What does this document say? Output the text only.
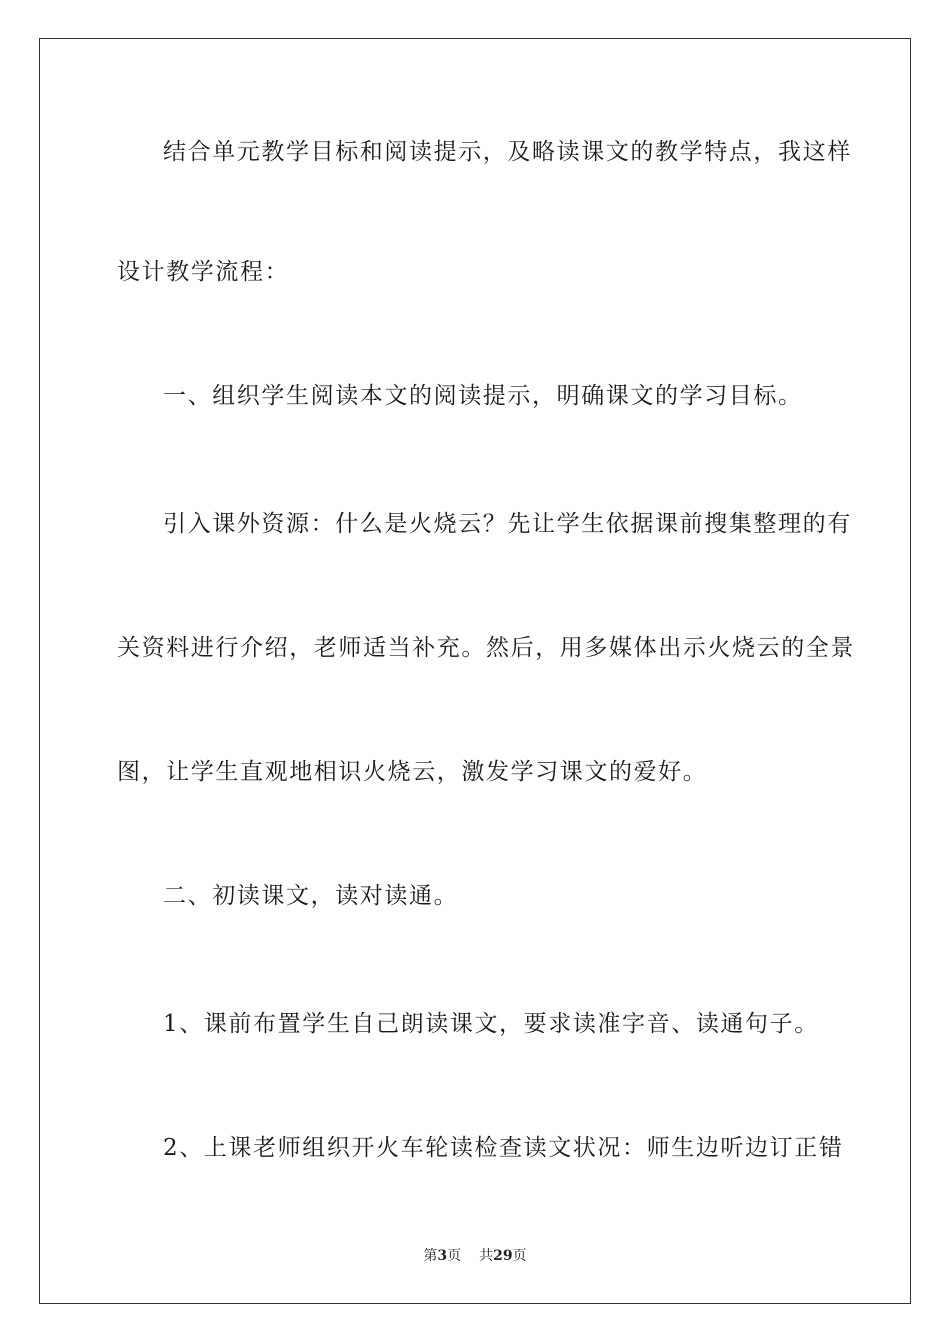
结合单元教学目标和阅读提示，及略读课文的教学特点，我这样
设计教学流程：
一、组织学生阅读本文的阅读提示，明确课文的学习目标。
引入课外资源：什么是火烧云？先让学生依据课前搜集整理的有
关资料进行介绍，老师适当补充。然后，用多媒体出示火烧云的全景
图，让学生直观地相识火烧云，激发学习课文的爱好。
二、初读课文，读对读通。
1、课前布置学生自己朗读课文，要求读准字音、读通句子。
2、上课老师组织开火车轮读检查读文状况：师生边听边订正错
第3页 共29页
